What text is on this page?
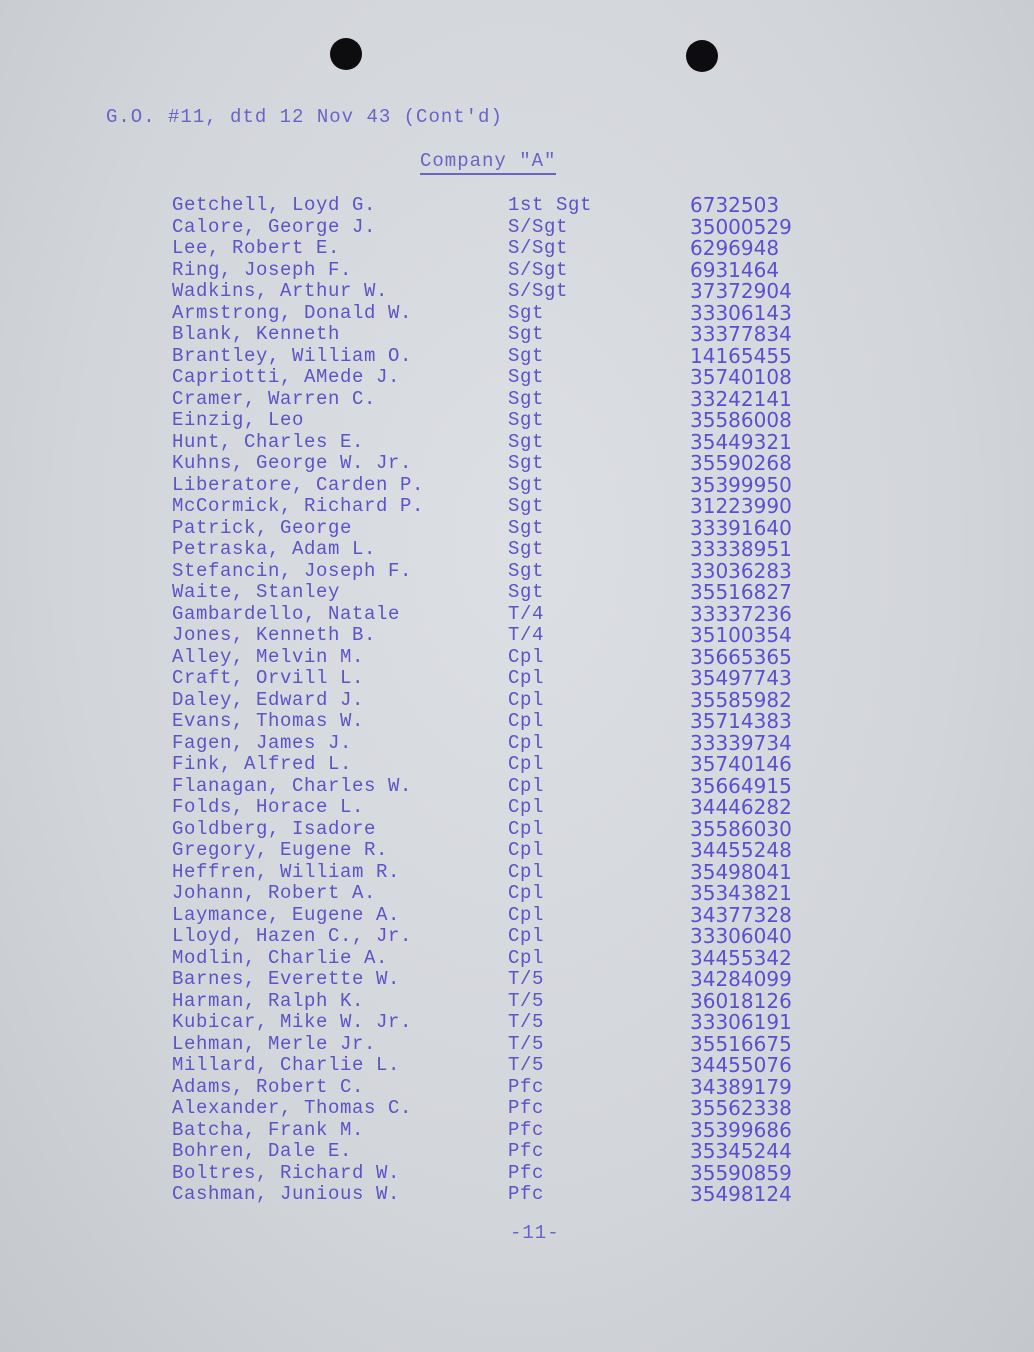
G.O. #11, dtd 12 Nov 43 (Cont'd)
Company "A"
Getchell, Loyd G.	1st Sgt	6732503
Calore, George J.	S/Sgt	35000529
Lee, Robert E.	S/Sgt	6296948
Ring, Joseph F.	S/Sgt	6931464
Wadkins, Arthur W.	S/Sgt	37372904
Armstrong, Donald W.	Sgt	33306143
Blank, Kenneth	Sgt	33377834
Brantley, William O.	Sgt	14165455
Capriotti, AMede J.	Sgt	35740108
Cramer, Warren C.	Sgt	33242141
Einzig, Leo	Sgt	35586008
Hunt, Charles E.	Sgt	35449321
Kuhns, George W. Jr.	Sgt	35590268
Liberatore, Carden P.	Sgt	35399950
McCormick, Richard P.	Sgt	31223990
Patrick, George	Sgt	33391640
Petraska, Adam L.	Sgt	33338951
Stefancin, Joseph F.	Sgt	33036283
Waite, Stanley	Sgt	35516827
Gambardello, Natale	T/4	33337236
Jones, Kenneth B.	T/4	35100354
Alley, Melvin M.	Cpl	35665365
Craft, Orvill L.	Cpl	35497743
Daley, Edward J.	Cpl	35585982
Evans, Thomas W.	Cpl	35714383
Fagen, James J.	Cpl	33339734
Fink, Alfred L.	Cpl	35740146
Flanagan, Charles W.	Cpl	35664915
Folds, Horace L.	Cpl	34446282
Goldberg, Isadore	Cpl	35586030
Gregory, Eugene R.	Cpl	34455248
Heffren, William R.	Cpl	35498041
Johann, Robert A.	Cpl	35343821
Laymance, Eugene A.	Cpl	34377328
Lloyd, Hazen C., Jr.	Cpl	33306040
Modlin, Charlie A.	Cpl	34455342
Barnes, Everette W.	T/5	34284099
Harman, Ralph K.	T/5	36018126
Kubicar, Mike W. Jr.	T/5	33306191
Lehman, Merle Jr.	T/5	35516675
Millard, Charlie L.	T/5	34455076
Adams, Robert C.	Pfc	34389179
Alexander, Thomas C.	Pfc	35562338
Batcha, Frank M.	Pfc	35399686
Bohren, Dale E.	Pfc	35345244
Boltres, Richard W.	Pfc	35590859
Cashman, Junious W.	Pfc	35498124
-11-
